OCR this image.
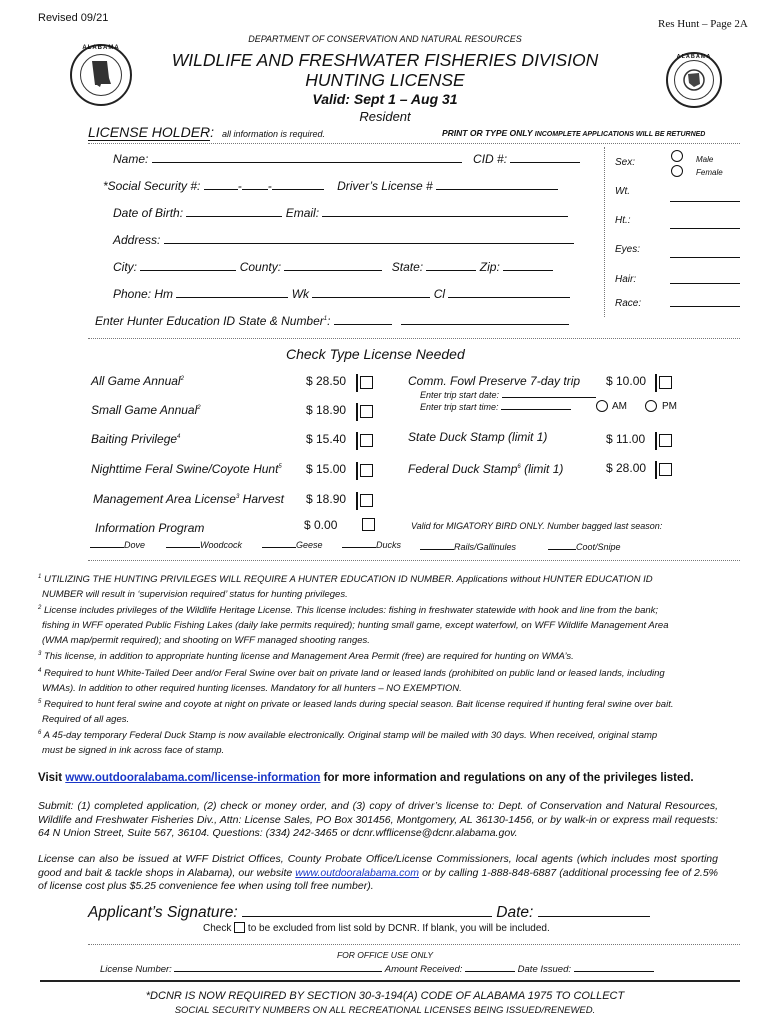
Revised 09/21	Res Hunt – Page 2A
ALABAMA
ALABAMA
DEPARTMENT OF CONSERVATION AND NATURAL RESOURCES
WILDLIFE AND FRESHWATER FISHERIES DIVISION
HUNTING LICENSE
Valid: Sept 1 – Aug 31
Resident
LICENSE HOLDER: all information is required.	PRINT OR TYPE ONLY INCOMPLETE APPLICATIONS WILL BE RETURNED
Name:	CID #:
*Social Security #:	- -	Driver’s License #
Date of Birth:	Email:
Address:
City:	County:	State:	Zip:
Phone: Hm	Wk	Cl
Enter Hunter Education ID State & Number$^1$:
Sex:	Male
Female
Wt.
Ht.:
Eyes:
Hair:
Race:
Check Type License Needed
All Game Annual$^2$	$ 28.50
Small Game Annual$^2$	$ 18.90
Baiting Privilege$^4$	$ 15.40
Nighttime Feral Swine/Coyote Hunt$^5$ $ 15.00
Management Area License$^3$ Harvest $ 18.90
Information Program	$ 0.00
Comm. Fowl Preserve 7-day trip $ 10.00
Enter trip start date:
Enter trip start time:	AM	PM
State Duck Stamp (limit 1)	$ 11.00
Federal Duck Stamp$^6$ (limit 1)	$ 28.00
Valid for MIGATORY BIRD ONLY. Number bagged last season:
Dove	Woodcock	Geese	Ducks	Rails/Gallinules	Coot/Snipe
$^1$ UTILIZING THE HUNTING PRIVILEGES WILL REQUIRE A HUNTER EDUCATION ID NUMBER. Applications without HUNTER EDUCATION ID
NUMBER will result in ‘supervision required’ status for hunting privileges.
$^2$ License includes privileges of the Wildlife Heritage License. This license includes: fishing in freshwater statewide with hook and line from the bank;
fishing in WFF operated Public Fishing Lakes (daily lake permits required); hunting small game, except waterfowl, on WFF Wildlife Management Area
(WMA map/permit required); and shooting on WFF managed shooting ranges.
$^3$ This license, in addition to appropriate hunting license and Management Area Permit (free) are required for hunting on WMA’s.
$^4$ Required to hunt White-Tailed Deer and/or Feral Swine over bait on private land or leased lands (prohibited on public land or leased lands, including
WMAs). In addition to other required hunting licenses. Mandatory for all hunters – NO EXEMPTION.
$^5$ Required to hunt feral swine and coyote at night on private or leased lands during special season. Bait license required if hunting feral swine over bait.
Required of all ages.
$^6$ A 45-day temporary Federal Duck Stamp is now available electronically. Original stamp will be mailed with 30 days. When received, original stamp
must be signed in ink across face of stamp.
Visit www.outdooralabama.com/license-information for more information and regulations on any of the privileges listed.
Submit: (1) completed application, (2) check or money order, and (3) copy of driver’s license to: Dept. of Conservation and Natural Resources, Wildlife and Freshwater Fisheries Div., Attn: License Sales, PO Box 301456, Montgomery, AL 36130-1456, or by walk-in or express mail requests: 64 N Union Street, Suite 567, 36104. Questions: (334) 242-3465 or dcnr.wfflicense@dcnr.alabama.gov.
License can also be issued at WFF District Offices, County Probate Office/License Commissioners, local agents (which includes most sporting good and bait & tackle shops in Alabama), our website www.outdooralabama.com or by calling 1-888-848-6887 (additional processing fee of 2.5% of license cost plus $5.25 convenience fee when using toll free number).
Applicant’s Signature:	Date:
Check to be excluded from list sold by DCNR. If blank, you will be included.
FOR OFFICE USE ONLY
License Number:	Amount Received:	Date Issued:
*DCNR IS NOW REQUIRED BY SECTION 30-3-194(A) CODE OF ALABAMA 1975 TO COLLECT
SOCIAL SECURITY NUMBERS ON ALL RECREATIONAL LICENSES BEING ISSUED/RENEWED.
